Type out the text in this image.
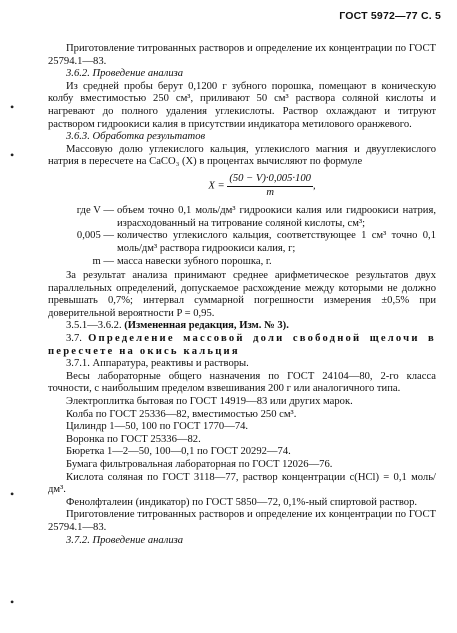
ГОСТ 5972—77 С. 5
•
•
•
•

Приготовление титрованных растворов и определение их концентрации по ГОСТ 25794.1—83.

3.6.2. Проведение анализа

Из средней пробы берут 0,1200 г зубного порошка, помещают в коническую колбу вместимостью 250 см³, приливают 50 см³ раствора соляной кислоты и нагревают до полного удаления углекислоты. Раствор охлаждают и титруют раствором гидроокиси калия в присутствии индикатора метилового оранжевого.

3.6.3. Обработка результатов

Массовую долю углекислого кальция, углекислого магния и двууглекислого натрия в пересчете на CaCO₃ (X) в процентах вычисляют по формуле

$X = \frac{(50 - V)\cdot 0,005\cdot 100}{m}$ ,
где V — объем точно 0,1 моль/дм³ гидроокиси калия или гидроокиси натрия, израсходованный на титрование соляной кислоты, см³;
0,005 — количество углекислого кальция, соответствующее 1 см³ точно 0,1 моль/дм³ раствора гидроокиси калия, г;
m — масса навески зубного порошка, г.

За результат анализа принимают среднее арифметическое результатов двух параллельных определений, допускаемое расхождение между которыми не должно превышать 0,7%; интервал суммарной погрешности измерения ±0,5% при доверительной вероятности P = 0,95.

3.5.1—3.6.2. (Измененная редакция, Изм. № 3).

3.7. Определение массовой доли свободной щелочи в пересчете на окись кальция

3.7.1. Аппаратура, реактивы и растворы.

Весы лабораторные общего назначения по ГОСТ 24104—80, 2-го класса точности, с наибольшим пределом взвешивания 200 г или аналогичного типа.

Электроплитка бытовая по ГОСТ 14919—83 или других марок.

Колба по ГОСТ 25336—82, вместимостью 250 см³.

Цилиндр 1—50, 100 по ГОСТ 1770—74.

Воронка по ГОСТ 25336—82.

Бюретка 1—2—50, 100—0,1 по ГОСТ 20292—74.

Бумага фильтровальная лабораторная по ГОСТ 12026—76.

Кислота соляная по ГОСТ 3118—77, раствор концентрации c(HCl) = 0,1 моль/дм³.

Фенолфталеин (индикатор) по ГОСТ 5850—72, 0,1%-ный спиртовой раствор.

Приготовление титрованных растворов и определение их концентрации по ГОСТ 25794.1—83.

3.7.2. Проведение анализа
